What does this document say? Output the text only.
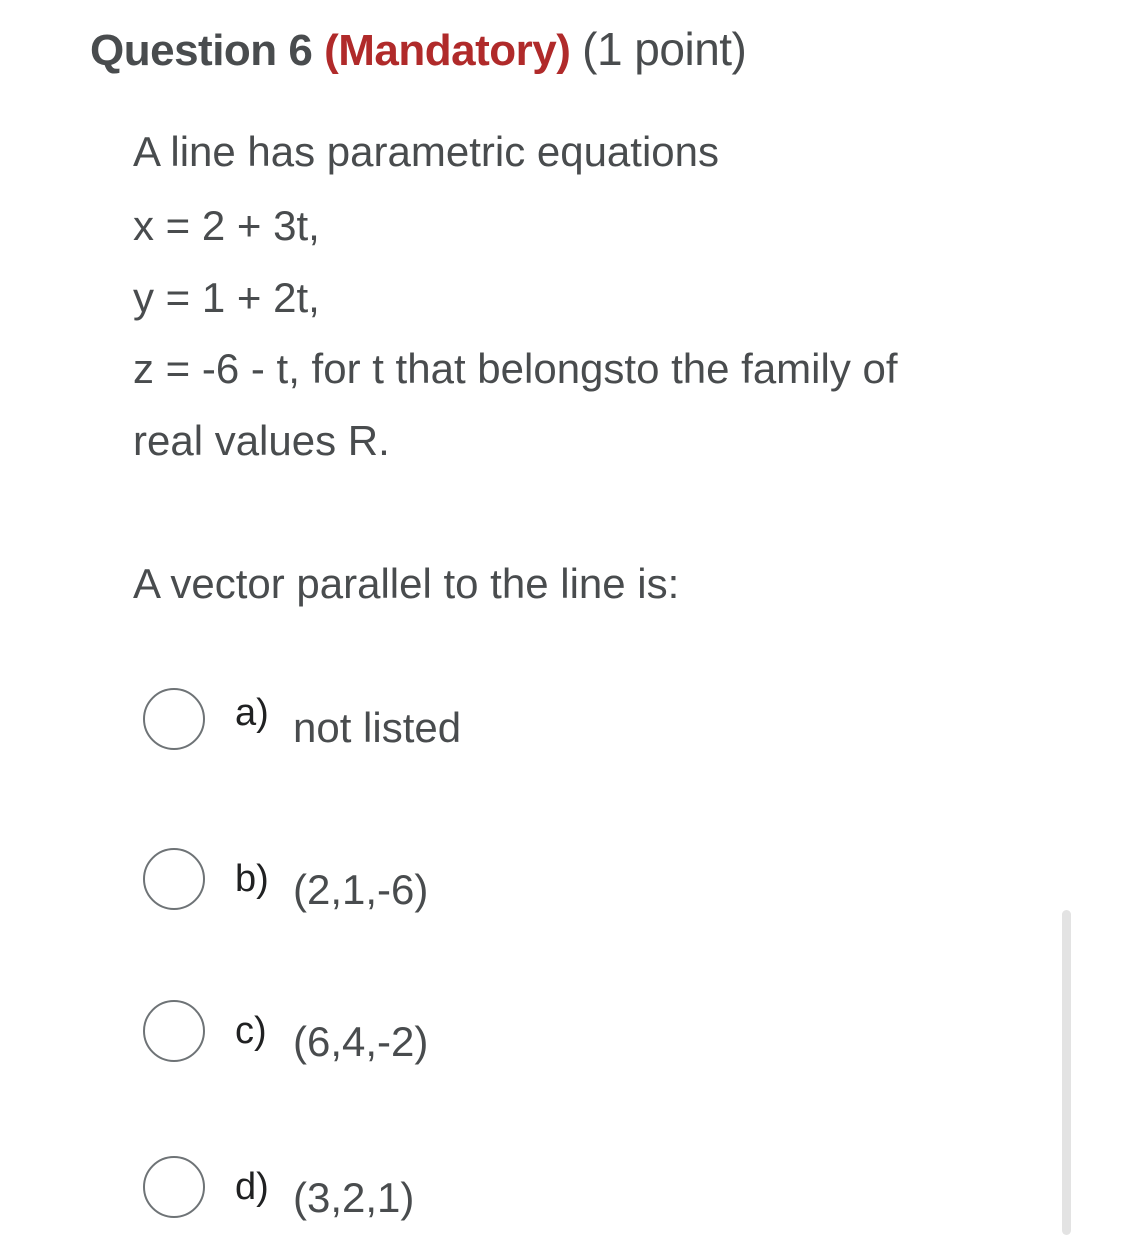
Question 6 (Mandatory) (1 point)
A line has parametric equations
x = 2 + 3t,
y = 1 + 2t,
z = -6 - t, for t that belongsto the family of
real values R.
A vector parallel to the line is:
a) not listed
b) (2,1,-6)
c) (6,4,-2)
d) (3,2,1)
